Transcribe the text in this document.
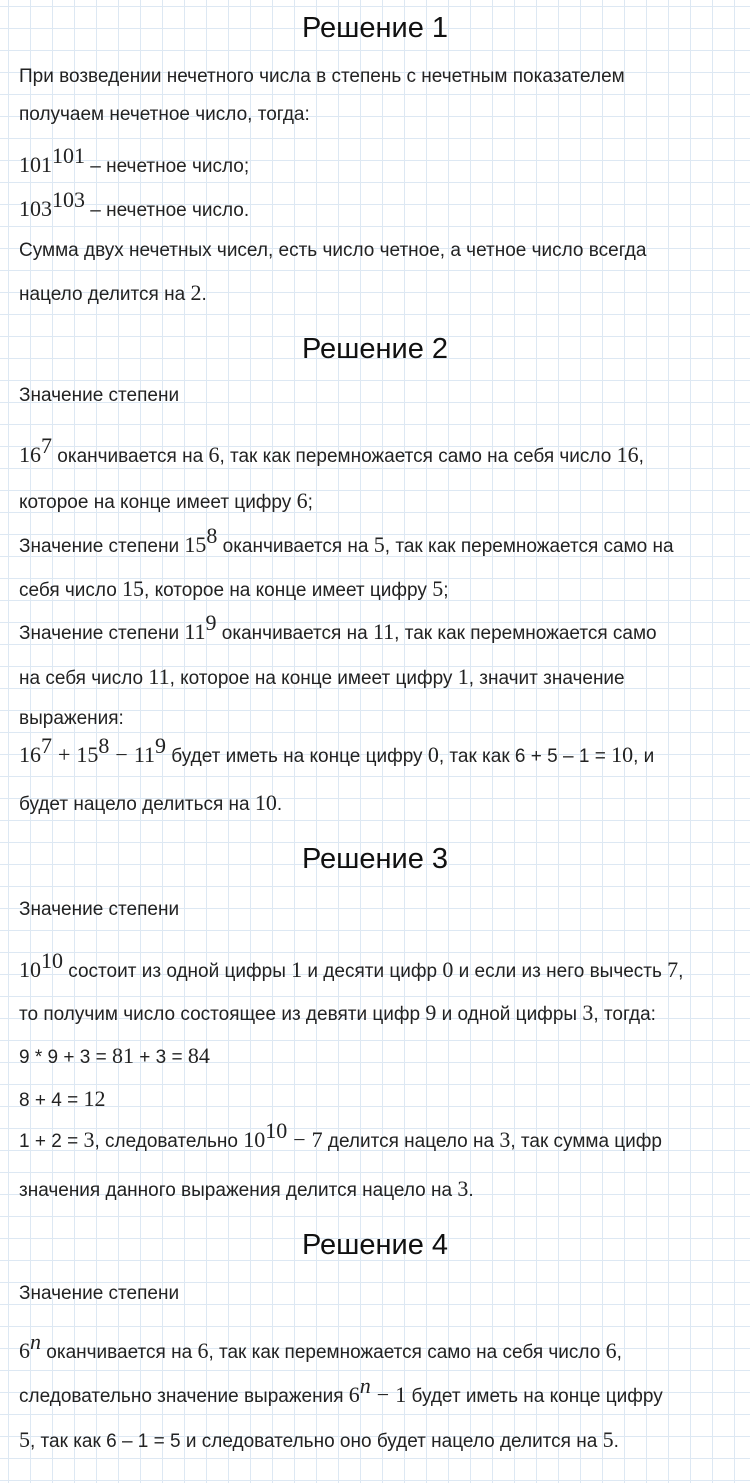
Решение 1
При возведении нечетного числа в степень с нечетным показателем
получаем нечетное число, тогда:
$101^{101}$ – нечетное число;
$103^{103}$ – нечетное число.
Сумма двух нечетных чисел, есть число четное, а четное число всегда
нацело делится на 2.
Решение 2
Значение степени
$16^7$ оканчивается на 6, так как перемножается само на себя число 16,
которое на конце имеет цифру 6;
Значение степени $15^8$ оканчивается на 5, так как перемножается само на
себя число 15, которое на конце имеет цифру 5;
Значение степени $11^9$ оканчивается на 11, так как перемножается само
на себя число 11, которое на конце имеет цифру 1, значит значение
выражения:
$16^7 + 15^8 - 11^9$ будет иметь на конце цифру 0, так как 6 + 5 – 1 = 10, и
будет нацело делиться на 10.
Решение 3
Значение степени
$10^{10}$ состоит из одной цифры 1 и десяти цифр 0 и если из него вычесть 7,
то получим число состоящее из девяти цифр 9 и одной цифры 3, тогда:
9 * 9 + 3 = 81 + 3 = 84
8 + 4 = 12
1 + 2 = 3, следовательно $10^{10} - 7$ делится нацело на 3, так сумма цифр
значения данного выражения делится нацело на 3.
Решение 4
Значение степени
6$^n$ оканчивается на 6, так как перемножается само на себя число 6,
следовательно значение выражения $6^n - 1$ будет иметь на конце цифру
5, так как 6 – 1 = 5 и следовательно оно будет нацело делится на 5.
